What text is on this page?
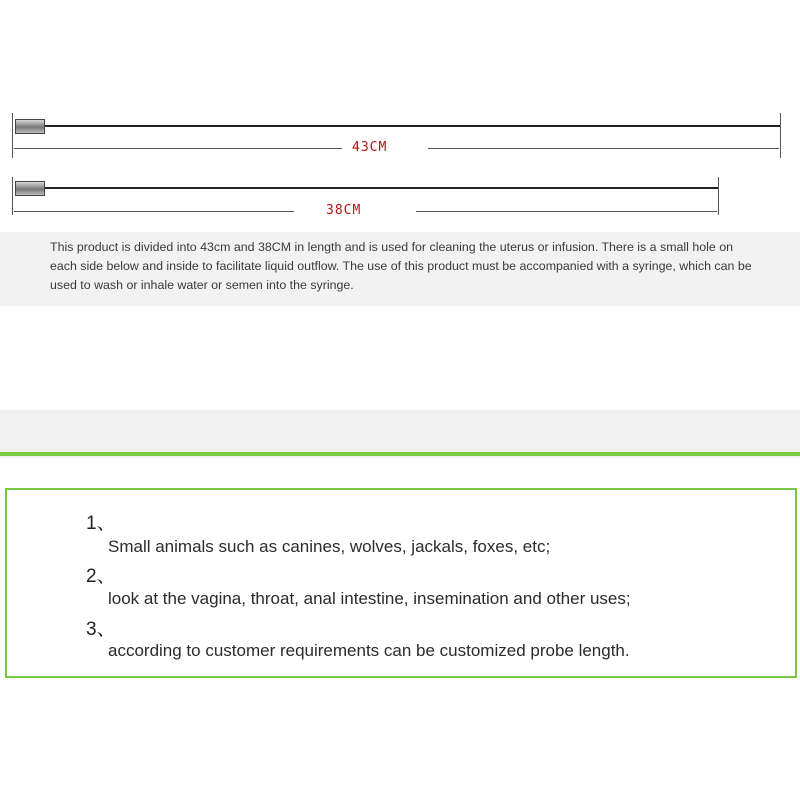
43CM
38CM
This product is divided into 43cm and 38CM in length and is used for cleaning the uterus or infusion. There is a small hole on each side below and inside to facilitate liquid outflow. The use of this product must be accompanied with a syringe, which can be used to wash or inhale water or semen into the syringe.
1、
Small animals such as canines, wolves, jackals, foxes, etc;
2、
look at the vagina, throat, anal intestine, insemination and other uses;
3、
according to customer requirements can be customized probe length.
